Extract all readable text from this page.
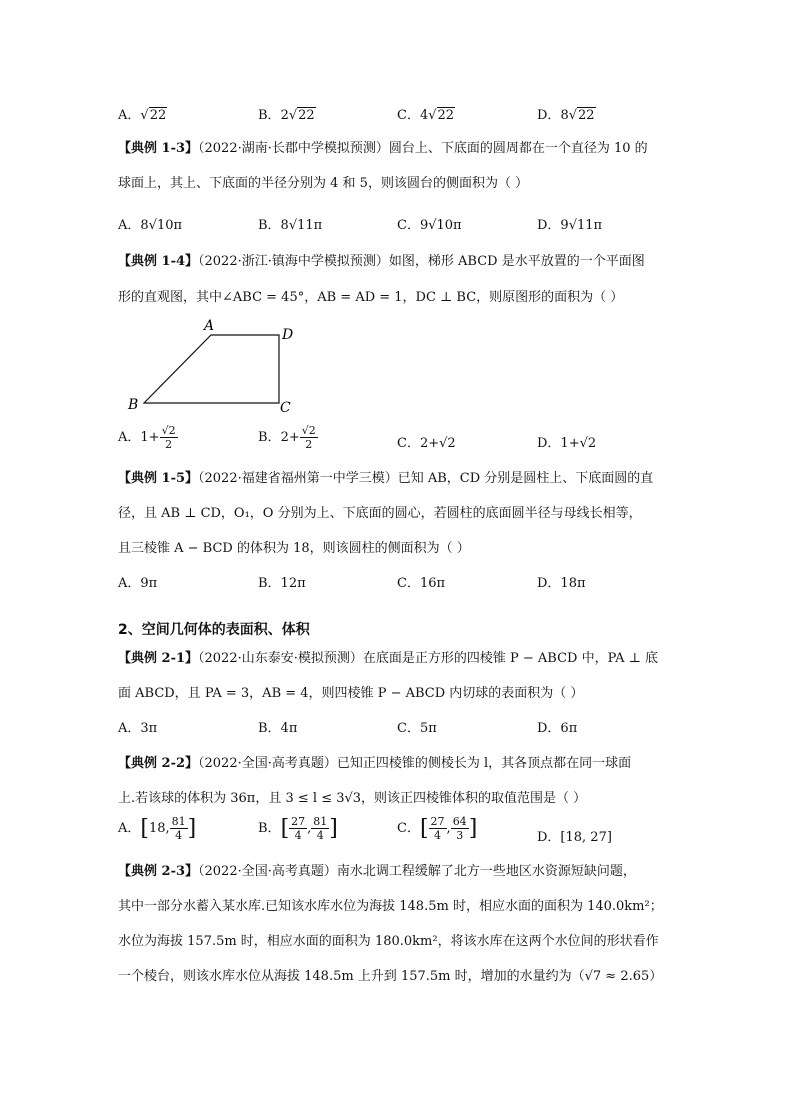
A．√22	B．2√22	C．4√22	D．8√22
【典例 1-3】（2022·湖南·长郡中学模拟预测）圆台上、下底面的圆周都在一个直径为 10 的
球面上，其上、下底面的半径分别为 4 和 5，则该圆台的侧面积为（ ）
A．8√10π	B．8√11π	C．9√10π	D．9√11π
【典例 1-4】（2022·浙江·镇海中学模拟预测）如图，梯形 ABCD 是水平放置的一个平面图
形的直观图，其中∠ABC = 45°，AB = AD = 1，DC ⊥ BC，则原图形的面积为（ ）
A
D
B	C
A．$1+ \frac{√2}{2}$	B．$2+ \frac{√2}{2}$	C．2+√2	D．1+√2
【典例 1-5】（2022·福建省福州第一中学三模）已知 AB，CD 分别是圆柱上、下底面圆的直
径，且 AB ⊥ CD，O₁，O 分别为上、下底面的圆心，若圆柱的底面圆半径与母线长相等，
且三棱锥 A − BCD 的体积为 18，则该圆柱的侧面积为（ ）
A．9π	B．12π	C．16π	D．18π
2、空间几何体的表面积、体积
【典例 2-1】（2022·山东泰安·模拟预测）在底面是正方形的四棱锥 P − ABCD 中，PA ⊥ 底
面 ABCD，且 PA = 3，AB = 4，则四棱锥 P − ABCD 内切球的表面积为（ ）
A．3π	B．4π	C．5π	D．6π
【典例 2-2】（2022·全国·高考真题）已知正四棱锥的侧棱长为 l，其各顶点都在同一球面
上.若该球的体积为 36π，且 3 ≤ l ≤ 3√3，则该正四棱锥体积的取值范围是（ ）
A．[18, $\frac{81}{4}$ ]	B．[ $\frac{27}{4}$ , $\frac{81}{4}$ ]	C．[ $\frac{27}{4}$ , $\frac{64}{3}$ ]	D．[18, 27]
【典例 2-3】（2022·全国·高考真题）南水北调工程缓解了北方一些地区水资源短缺问题，
其中一部分水蓄入某水库.已知该水库水位为海拔 148.5m 时，相应水面的面积为 140.0km²；
水位为海拔 157.5m 时，相应水面的面积为 180.0km²，将该水库在这两个水位间的形状看作
一个棱台，则该水库水位从海拔 148.5m 上升到 157.5m 时，增加的水量约为（√7 ≈ 2.65）
